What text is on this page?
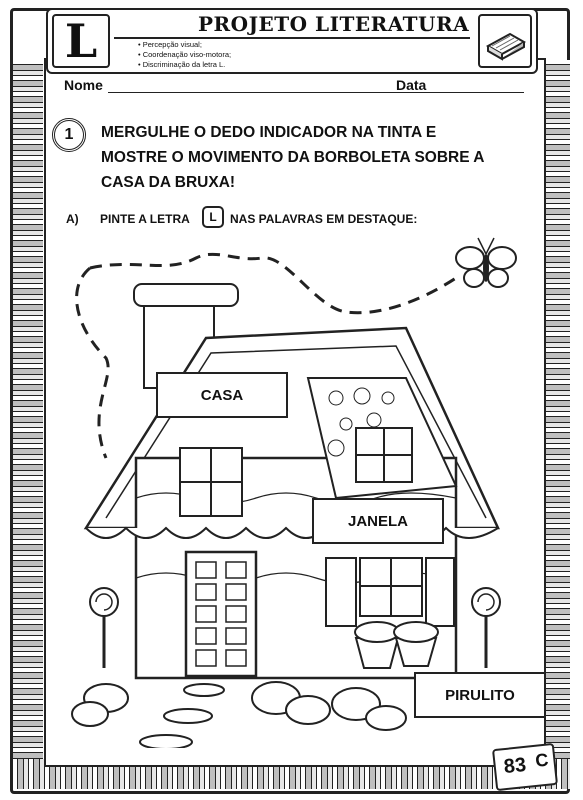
L	PROJETO LITERATURA
• Percepção visual;
• Coordenação viso-motora;
• Discriminação da letra L.
Nome	Data
1	MERGULHE O DEDO INDICADOR NA TINTA E MOSTRE O MOVIMENTO DA BORBOLETA SOBRE A CASA DA BRUXA!
A) PINTE A LETRA	L	NAS PALAVRAS EM DESTAQUE:
CASA
JANELA
PIRULITO
83 C
